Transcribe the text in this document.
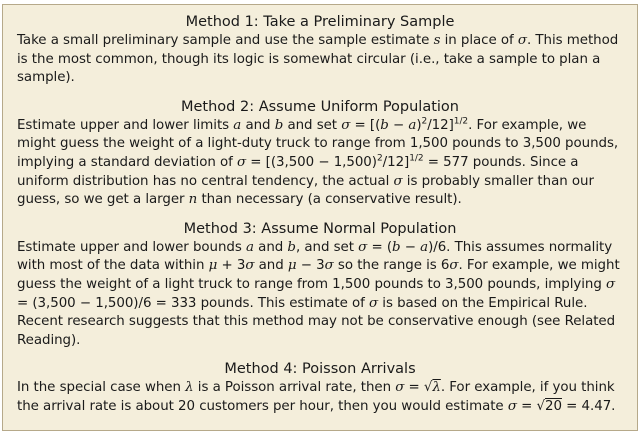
Method 1: Take a Preliminary Sample

Take a small preliminary sample and use the sample estimate s in place of σ. This method is the most common, though its logic is somewhat circular (i.e., take a sample to plan a sample).

Method 2: Assume Uniform Population

Estimate upper and lower limits a and b and set $\sigma = [(b - a)^2/12]^{1/2}$. For example, we might guess the weight of a light-duty truck to range from 1,500 pounds to 3,500 pounds, implying a standard deviation of $\sigma = [(3,500 - 1,500)^2/12]^{1/2} = 577$ pounds. Since a uniform distribution has no central tendency, the actual σ is probably smaller than our guess, so we get a larger n than necessary (a conservative result).

Method 3: Assume Normal Population

Estimate upper and lower bounds a and b, and set σ = (b − a)/6. This assumes normality with most of the data within μ + 3σ and μ − 3σ so the range is 6σ. For example, we might guess the weight of a light truck to range from 1,500 pounds to 3,500 pounds, implying σ = (3,500 − 1,500)/6 = 333 pounds. This estimate of σ is based on the Empirical Rule. Recent research suggests that this method may not be conservative enough (see Related Reading).

Method 4: Poisson Arrivals

In the special case when λ is a Poisson arrival rate, then σ = √λ. For example, if you think the arrival rate is about 20 customers per hour, then you would estimate σ = √20 = 4.47.
